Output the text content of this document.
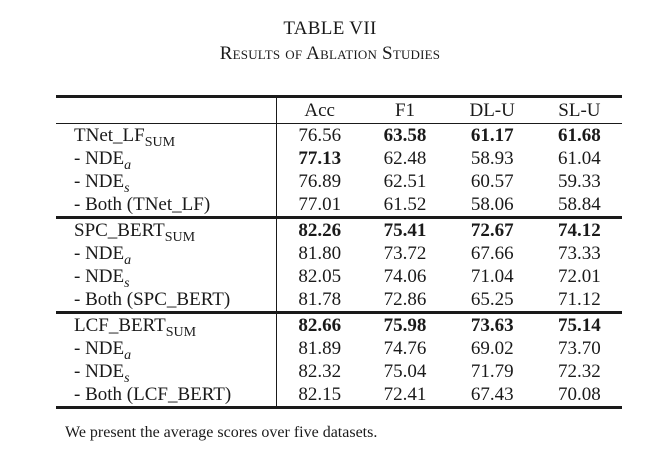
TABLE VII
Results of Ablation Studies
	Acc	F1	DL-U	SL-U
$TNet\_LF_{SUM}$	76.56	63.58	61.17	61.68
- $NDE_a$	77.13	62.48	58.93	61.04
- $NDE_s$	76.89	62.51	60.57	59.33
- Both (TNet_LF)	77.01	61.52	58.06	58.84
$SPC\_BERT_{SUM}$	82.26	75.41	72.67	74.12
- $NDE_a$	81.80	73.72	67.66	73.33
- $NDE_s$	82.05	74.06	71.04	72.01
- Both (SPC_BERT)	81.78	72.86	65.25	71.12
$LCF\_BERT_{SUM}$	82.66	75.98	73.63	75.14
- $NDE_a$	81.89	74.76	69.02	73.70
- $NDE_s$	82.32	75.04	71.79	72.32
- Both (LCF_BERT)	82.15	72.41	67.43	70.08
We present the average scores over five datasets.
